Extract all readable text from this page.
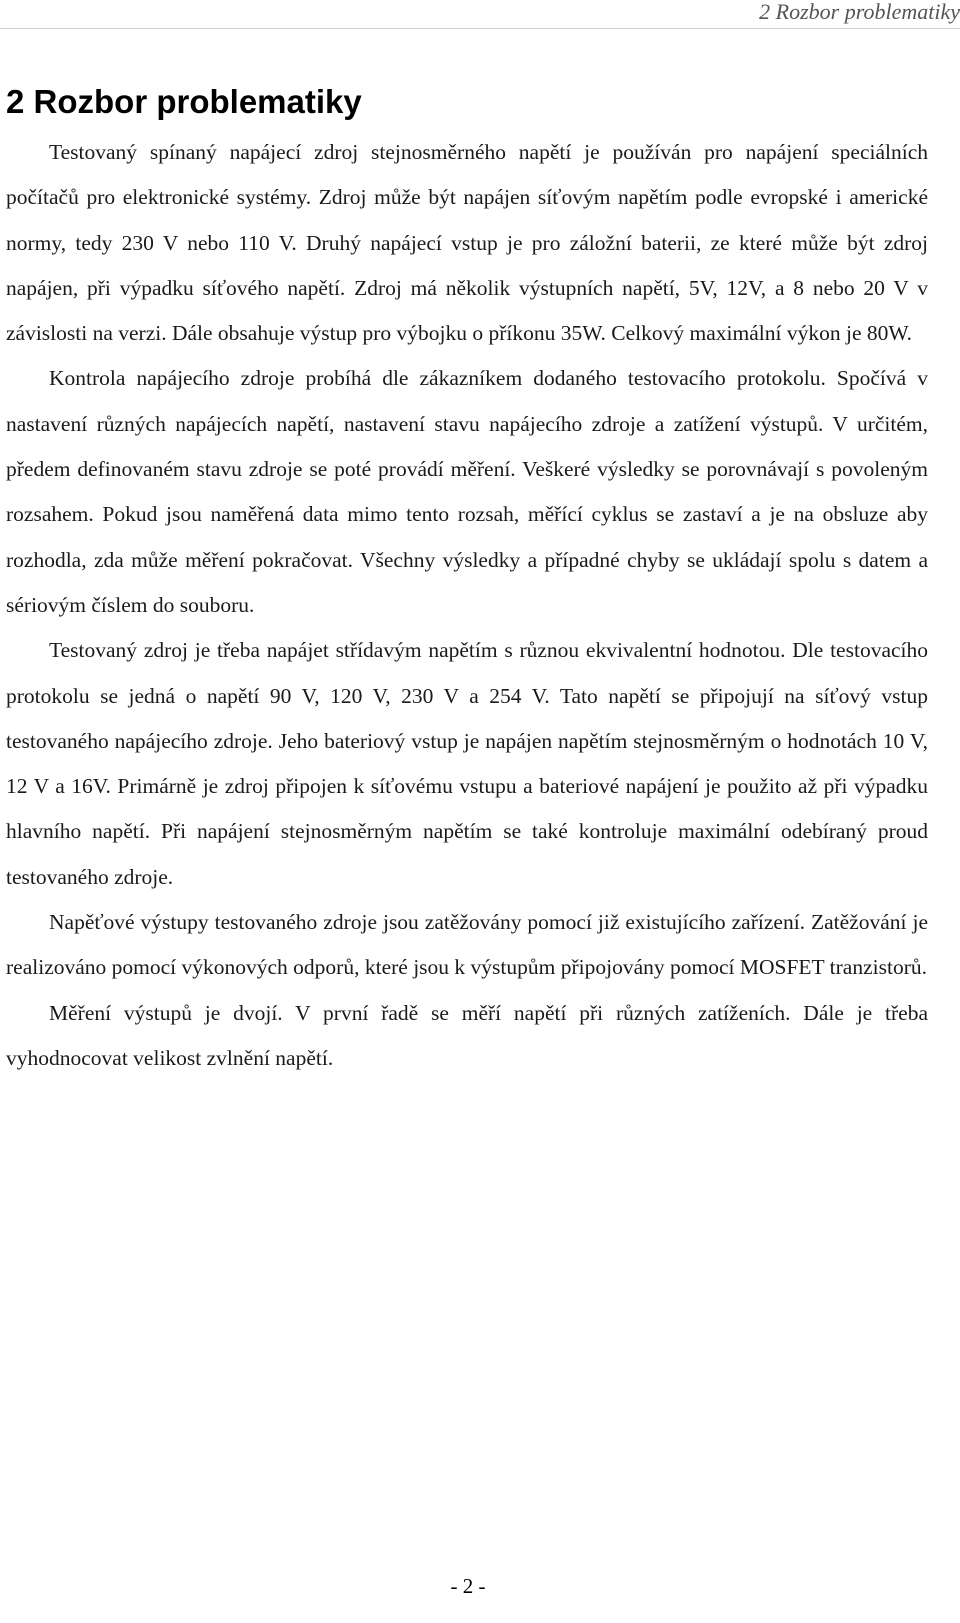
2 Rozbor problematiky
2 Rozbor problematiky

Testovaný spínaný napájecí zdroj stejnosměrného napětí je používán pro napájení speciálních počítačů pro elektronické systémy. Zdroj může být napájen síťovým napětím podle evropské i americké normy, tedy 230 V nebo 110 V. Druhý napájecí vstup je pro záložní baterii, ze které může být zdroj napájen, při výpadku síťového napětí. Zdroj má několik výstupních napětí, 5V, 12V, a 8 nebo 20 V v závislosti na verzi. Dále obsahuje výstup pro výbojku o příkonu 35W. Celkový maximální výkon je 80W.

Kontrola napájecího zdroje probíhá dle zákazníkem dodaného testovacího protokolu. Spočívá v nastavení různých napájecích napětí, nastavení stavu napájecího zdroje a zatížení výstupů. V určitém, předem definovaném stavu zdroje se poté provádí měření. Veškeré výsledky se porovnávají s povoleným rozsahem. Pokud jsou naměřená data mimo tento rozsah, měřící cyklus se zastaví a je na obsluze aby rozhodla, zda může měření pokračovat. Všechny výsledky a případné chyby se ukládají spolu s datem a sériovým číslem do souboru.

Testovaný zdroj je třeba napájet střídavým napětím s různou ekvivalentní hodnotou. Dle testovacího protokolu se jedná o napětí 90 V, 120 V, 230 V a 254 V. Tato napětí se připojují na síťový vstup testovaného napájecího zdroje. Jeho bateriový vstup je napájen napětím stejnosměrným o hodnotách 10 V, 12 V a 16V. Primárně je zdroj připojen k síťovému vstupu a bateriové napájení je použito až při výpadku hlavního napětí. Při napájení stejnosměrným napětím se také kontroluje maximální odebíraný proud testovaného zdroje.

Napěťové výstupy testovaného zdroje jsou zatěžovány pomocí již existujícího zařízení. Zatěžování je realizováno pomocí výkonových odporů, které jsou k výstupům připojovány pomocí MOSFET tranzistorů.

Měření výstupů je dvojí. V první řadě se měří napětí při různých zatíženích. Dále je třeba vyhodnocovat velikost zvlnění napětí.

- 2 -
